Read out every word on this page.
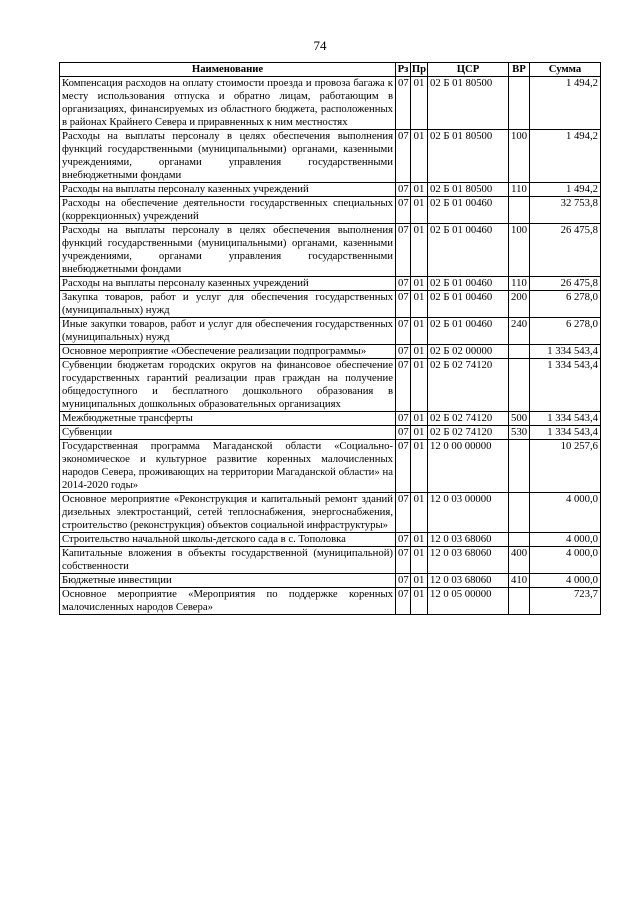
74
Наименование	Рз	Пр	ЦСР	ВР	Сумма
Компенсация расходов на оплату стоимости проезда и провоза багажа к месту использования отпуска и обратно лицам, работающим в организациях, финансируемых из областного бюджета, расположенных в районах Крайнего Севера и приравненных к ним местностях	07	01	02 Б 01 80500		1 494,2
Расходы на выплаты персоналу в целях обеспечения выполнения функций государственными (муниципальными) органами, казенными учреждениями, органами управления государственными внебюджетными фондами	07	01	02 Б 01 80500	100	1 494,2
Расходы на выплаты персоналу казенных учреждений	07	01	02 Б 01 80500	110	1 494,2
Расходы на обеспечение деятельности государственных специальных (коррекционных) учреждений	07	01	02 Б 01 00460		32 753,8
Расходы на выплаты персоналу в целях обеспечения выполнения функций государственными (муниципальными) органами, казенными учреждениями, органами управления государственными внебюджетными фондами	07	01	02 Б 01 00460	100	26 475,8
Расходы на выплаты персоналу казенных учреждений	07	01	02 Б 01 00460	110	26 475,8
Закупка товаров, работ и услуг для обеспечения государственных (муниципальных) нужд	07	01	02 Б 01 00460	200	6 278,0
Иные закупки товаров, работ и услуг для обеспечения государственных (муниципальных) нужд	07	01	02 Б 01 00460	240	6 278,0
Основное мероприятие «Обеспечение реализации подпрограммы»	07	01	02 Б 02 00000		1 334 543,4
Субвенции бюджетам городских округов на финансовое обеспечение государственных гарантий реализации прав граждан на получение общедоступного и бесплатного дошкольного образования в муниципальных дошкольных образовательных организациях	07	01	02 Б 02 74120		1 334 543,4
Межбюджетные трансферты	07	01	02 Б 02 74120	500	1 334 543,4
Субвенции	07	01	02 Б 02 74120	530	1 334 543,4
Государственная программа Магаданской области «Социально-экономическое и культурное развитие коренных малочисленных народов Севера, проживающих на территории Магаданской области» на 2014-2020 годы»	07	01	12 0 00 00000		10 257,6
Основное мероприятие «Реконструкция и капитальный ремонт зданий дизельных электростанций, сетей теплоснабжения, энергоснабжения, строительство (реконструкция) объектов социальной инфраструктуры»	07	01	12 0 03 00000		4 000,0
Строительство начальной школы-детского сада в с. Тополовка	07	01	12 0 03 68060		4 000,0
Капитальные вложения в объекты государственной (муниципальной) собственности	07	01	12 0 03 68060	400	4 000,0
Бюджетные инвестиции	07	01	12 0 03 68060	410	4 000,0
Основное мероприятие «Мероприятия по поддержке коренных малочисленных народов Севера»	07	01	12 0 05 00000		723,7
